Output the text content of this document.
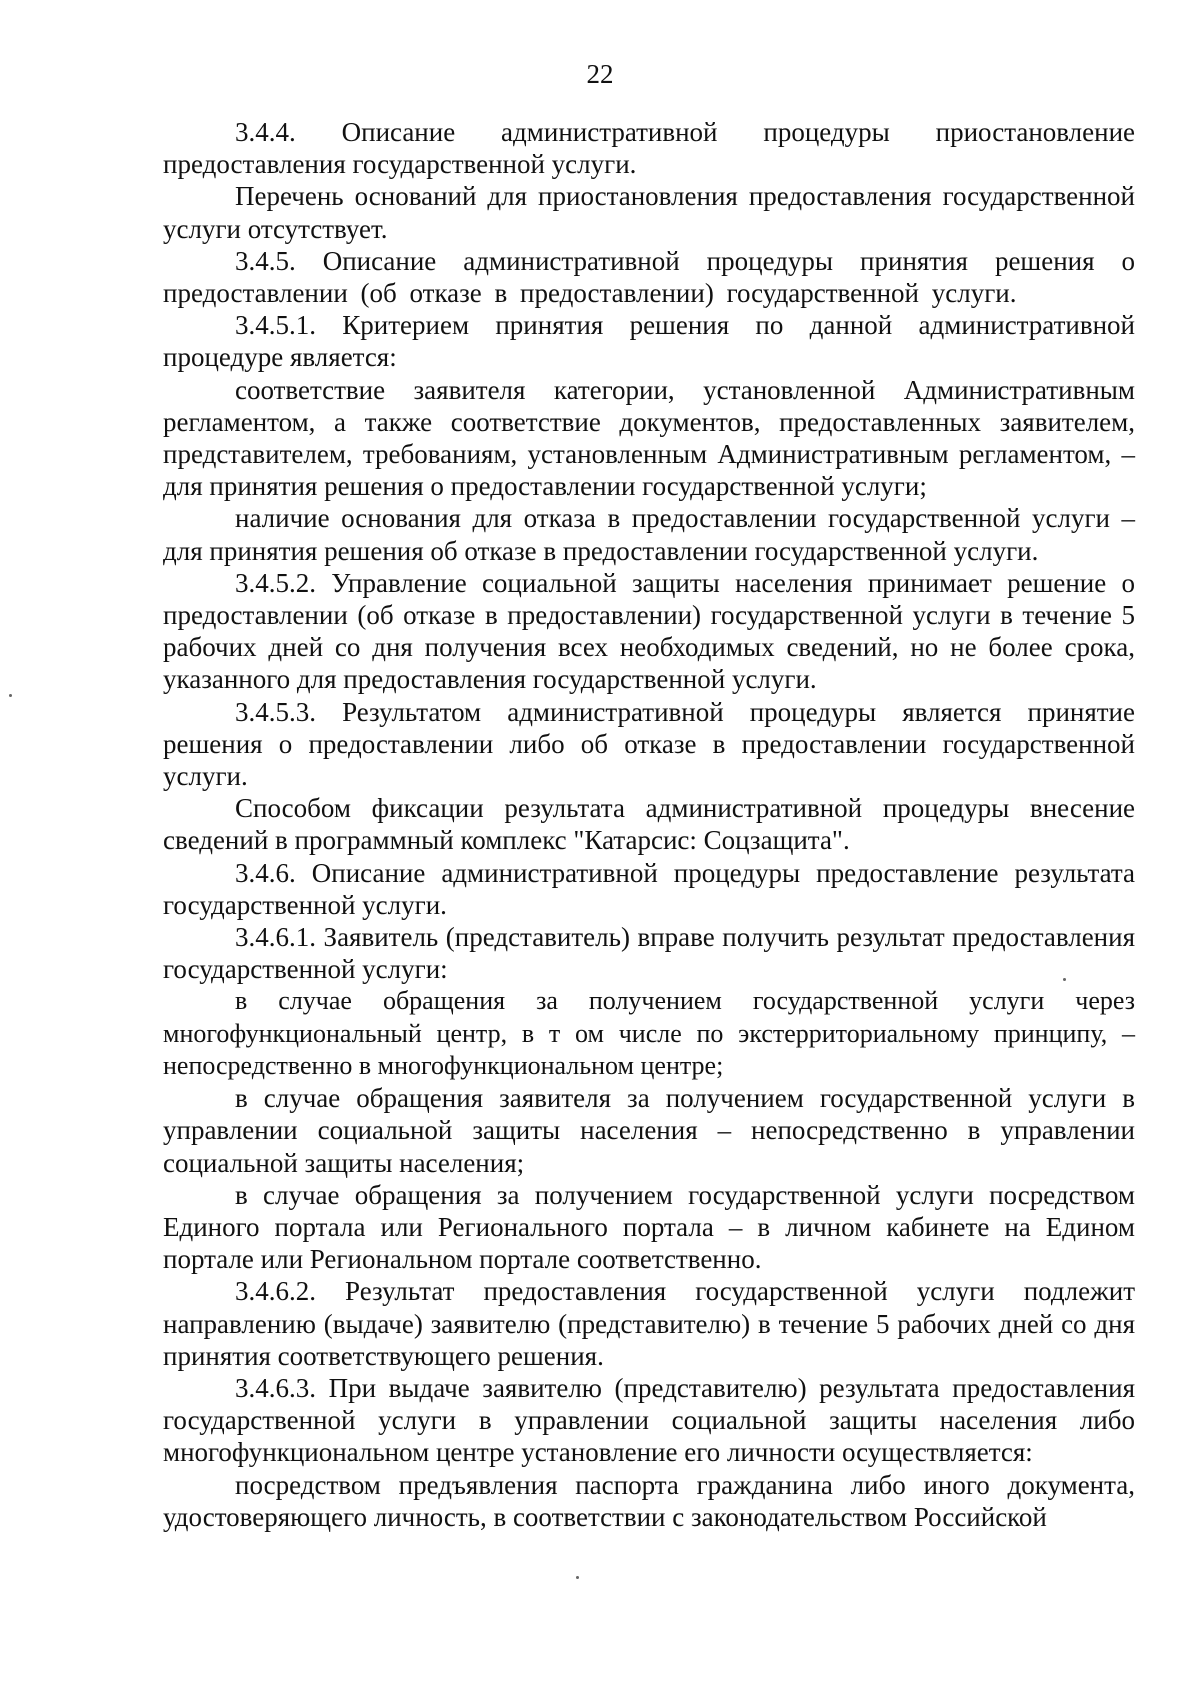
22

3.4.4. Описание административной процедуры приостановление предоставления государственной услуги.

Перечень оснований для приостановления предоставления государственной услуги отсутствует.

3.4.5. Описание административной процедуры принятия решения о предоставлении (об отказе в предоставлении) государственной услуги.

3.4.5.1. Критерием принятия решения по данной административной процедуре является:

соответствие заявителя категории, установленной Административным регламентом, а также соответствие документов, предоставленных заявителем, представителем, требованиям, установленным Административным регламентом, – для принятия решения о предоставлении государственной услуги;

наличие основания для отказа в предоставлении государственной услуги – для принятия решения об отказе в предоставлении государственной услуги.

3.4.5.2. Управление социальной защиты населения принимает решение о предоставлении (об отказе в предоставлении) государственной услуги в течение 5 рабочих дней со дня получения всех необходимых сведений, но не более срока, указанного для предоставления государственной услуги.

3.4.5.3. Результатом административной процедуры является принятие решения о предоставлении либо об отказе в предоставлении государственной услуги.

Способом фиксации результата административной процедуры внесение сведений в программный комплекс "Катарсис: Соцзащита".

3.4.6. Описание административной процедуры предоставление результата государственной услуги.

3.4.6.1. Заявитель (представитель) вправе получить результат предоставления государственной услуги:

в случае обращения за получением государственной услуги через многофункциональный центр, в т ом числе по экстерриториальному принципу, – непосредственно в многофункциональном центре;

в случае обращения заявителя за получением государственной услуги в управлении социальной защиты населения – непосредственно в управлении социальной защиты населения;

в случае обращения за получением государственной услуги посредством Единого портала или Регионального портала – в личном кабинете на Едином портале или Региональном портале соответственно.

3.4.6.2. Результат предоставления государственной услуги подлежит направлению (выдаче) заявителю (представителю) в течение 5 рабочих дней со дня принятия соответствующего решения.

3.4.6.3. При выдаче заявителю (представителю) результата предоставления государственной услуги в управлении социальной защиты населения либо многофункциональном центре установление его личности осуществляется:

посредством предъявления паспорта гражданина либо иного документа, удостоверяющего личность, в соответствии с законодательством Российской
